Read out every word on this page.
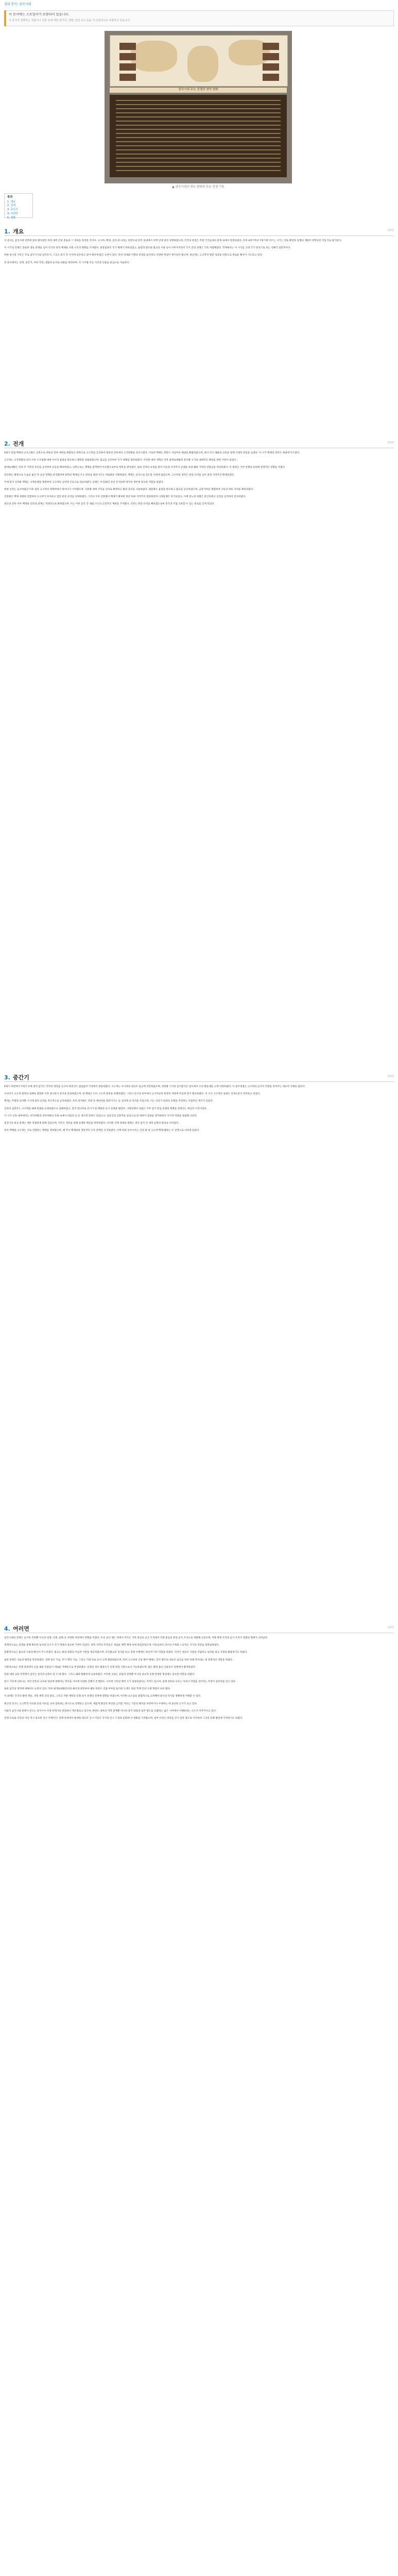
상위 문서: 삼국시대
이 문서에는 스포일러가 포함되어 있습니다.
이 문서가 설명하는 작품이나 인물 등에 대한 줄거리, 결말, 반전 요소 등을 직·간접적으로 포함하고 있습니다.
삼국시대 주요 전쟁과 영역 변화
▲ 삼국시대의 영토 변화와 주요 전쟁 기록
목차
1. 개요
2. 전개
3. 중간기
4. 여러면
5. 결말
1. 개요	[편집]

이 문서는 삼국시대 전반에 걸쳐 벌어졌던 여러 세력 간의 충돌과 그 경과를 정리한 것이다. 고구려, 백제, 신라 세 나라는 한반도와 만주 일대에서 수백 년에 걸쳐 경쟁하였으며, 각국의 흥망은 주변 국가들과의 관계 속에서 결정되었다. 특히 4세기부터 7세기에 이르는 시기는 영토 확장과 동맹의 재편이 반복되던 격동기로 평가된다.

이 시기의 전쟁은 단순한 영토 분쟁을 넘어 각국의 정치 체제와 사회 구조의 변화를 가져왔다. 중앙집권적 국가 체제가 정비되었고, 율령의 반포와 불교의 수용 등이 이루어지면서 국가 간의 경쟁은 더욱 치열해졌다. 학계에서는 이 시기를 고대 국가 완성기로 보는 견해가 일반적이다.

한편 당시의 기록은 주로 삼국사기와 삼국유사, 그리고 중국 측 사서에 의존하고 있어 해석에 많은 논란이 있다. 특히 연대와 지명의 비정을 둘러싸고 다양한 학설이 제기되어 왔으며, 최근에는 고고학적 발굴 성과를 바탕으로 새로운 해석이 시도되고 있다.

본 문서에서는 전개, 중간기, 여러 측면, 결말의 순서로 내용을 정리하며, 각 시기별 주요 사건과 인물을 중심으로 서술한다.

2. 전개	[편집]

4세기 중엽 백제의 근초고왕은 남쪽으로 마한의 잔여 세력을 병합하고 북쪽으로 고구려를 공격하여 평양성 전투에서 고국원왕을 전사시켰다. 이로써 백제는 한반도 서남부의 패권을 확립하였으며, 바다 건너 왜와의 교류를 통해 국제적 위상을 높였다. 이 시기 백제의 영역은 최대에 이르렀다.

고구려는 고국원왕의 전사 이후 소수림왕 대에 이르러 율령을 반포하고 태학을 설립하였으며, 불교를 공인하여 국가 체제를 정비하였다. 이러한 내부 개혁은 이후 광개토대왕과 장수왕 시기의 대대적인 팽창을 위한 기반이 되었다.

광개토대왕은 즉위 후 거란과 후연을 공격하여 요동을 확보하였고, 남쪽으로는 백제를 압박하여 아신왕으로부터 항복을 받아냈다. 또한 신라의 요청을 받아 낙동강 유역까지 군대를 보내 왜와 가야의 연합군을 격퇴하였다. 이 원정은 가야 연맹의 쇠퇴에 결정적인 영향을 미쳤다.

장수왕은 평양으로 도읍을 옮긴 뒤 남진 정책을 본격화하여 475년 백제의 수도 한성을 함락시키고 개로왕을 처형하였다. 백제는 웅진으로 천도할 수밖에 없었으며, 고구려의 영역은 한강 유역을 넘어 충청 지역까지 확대되었다.

이에 맞서 신라와 백제는 나제동맹을 체결하여 고구려의 남진에 공동으로 대응하였다. 동맹은 약 120년 동안 유지되며 양국의 생존에 중요한 역할을 하였다.

한편 신라는 눌지마립간 이후 점차 고구려의 영향력에서 벗어나기 시작했으며, 지증왕 대에 국호를 신라로 확정하고 왕의 칭호를 사용하였다. 법흥왕은 율령을 반포하고 불교를 공인하였으며, 금관가야를 병합하여 낙동강 하류 지역을 확보하였다.

진흥왕은 백제 성왕과 연합하여 고구려가 차지하고 있던 한강 유역을 공략하였다. 그러나 이후 진흥왕이 백제가 확보한 한강 하류 지역까지 점령하면서 나제동맹은 파기되었고, 이에 분노한 성왕은 관산성에서 신라를 공격하다 전사하였다.

관산성 전투 이후 백제와 신라의 관계는 적대적으로 변하였으며, 이는 이후 삼국 간 대립 구도의 근본적인 재편을 가져왔다. 신라는 한강 유역을 확보함으로써 중국과 직접 교류할 수 있는 통로를 얻게 되었다.

3. 중간기	[편집]

6세기 후반에서 7세기 초에 걸쳐 삼국은 각자의 영역을 공고히 하면서도 끊임없이 국경에서 충돌하였다. 고구려는 수나라의 대규모 침공에 직면하였으며, 영양왕 시기의 을지문덕은 살수에서 수의 별동대를 크게 격파하였다. 이 살수대첩은 고구려의 군사적 역량을 보여주는 대표적 사례로 꼽힌다.

수나라가 고구려 원정의 실패로 멸망한 이후 당나라가 중국을 통일하였으며, 당 태종은 다시 고구려 원정을 단행하였다. 그러나 안시성 전투에서 고구려군의 완강한 저항에 부딪혀 결국 철수하였다. 이 시기 고구려의 실권은 연개소문이 장악하고 있었다.

백제는 무왕과 의자왕 시기에 걸쳐 신라를 적극적으로 공격하였다. 특히 의자왕은 즉위 초 대야성을 함락시키는 등 신라에 큰 타격을 주었으며, 이는 신라가 당과의 동맹을 추진하는 직접적인 계기가 되었다.

신라의 김춘추는 고구려와 왜에 원병을 요청하였으나 실패하였고, 결국 당나라로 건너가 당 태종과 군사 동맹을 맺었다. 나당동맹의 성립은 이후 삼국 통일 전쟁의 향방을 결정짓는 핵심적 사건이었다.

이 시기 신라 내부에서는 선덕여왕과 진덕여왕의 치세 속에서 비담의 난 등 정치적 혼란도 있었으나, 김유신과 김춘추를 중심으로 한 세력이 실권을 장악하면서 국가적 역량을 결집해 나갔다.

중간기의 외교 관계는 매우 복잡하게 얽혀 있었으며, 각국은 생존을 위해 동맹과 배신을 반복하였다. 이러한 국제 정세의 변화는 결국 삼국 간 세력 균형의 붕괴로 이어졌다.

특히 백제와 고구려는 서로 연합하는 형태를 취하였으며, 왜 역시 백제와의 전통적인 우호 관계를 유지하였다. 이에 따라 동아시아는 신라·당 대 고구려·백제·왜라는 두 진영으로 나뉘게 되었다.

4. 여러면	[편집]

삼국시대의 전쟁은 군사적 측면뿐 아니라 경제, 사회, 문화 등 다양한 측면에서 영향을 미쳤다. 우선 군사 제도 면에서 각국은 귀족 중심의 군사 조직에서 국왕 중심의 중앙 군사 조직으로 개편해 나갔으며, 지방 행정 조직과 군사 조직이 결합된 형태가 나타났다.

경제적으로는 전쟁을 통해 획득한 토지와 인구가 국가 재정의 중요한 기반이 되었다. 정복 지역의 주민들은 새로운 행정 체계 속에 편입되었으며, 이들로부터 징수된 조세와 노동력은 국가의 성장을 뒷받침하였다.

문화적으로는 불교의 수용과 확산이 두드러졌다. 불교는 왕권 강화의 이념적 기반을 제공하였으며, 호국불교의 성격을 띠고 전쟁 수행에도 정신적 지주 역할을 하였다. 각국은 대규모 사찰을 건립하고 승려를 외교 사절로 활용하기도 하였다.

또한 전쟁은 기술의 발전을 촉진하였다. 성곽 축조 기술, 무기 제작 기술, 그리고 기병 전술 등이 크게 발달하였으며, 특히 고구려의 산성 방어 체계는 중국 왕조의 대규모 침공을 여러 차례 막아내는 데 결정적인 역할을 하였다.

사회적으로는 전쟁 과정에서 공을 세운 인물들이 새로운 지배층으로 부상하였다. 신라의 경우 화랑도가 인재 양성 기관으로서 기능하였으며, 많은 화랑 출신 인물들이 전쟁에서 활약하였다.

한편 대외 교류 측면에서 삼국은 중국의 남북조 및 수·당 왕조, 그리고 왜와 활발하게 교류하였다. 이러한 교류는 문물의 전파뿐 아니라 외교적 동맹 관계의 형성에도 중요한 역할을 하였다.

당시 기록에 나타나는 여러 전투의 규모와 양상에 대해서는 학자들 사이에 다양한 견해가 존재한다. 사서에 기록된 병력 수가 과장되었다는 지적도 있으며, 실제 전투의 규모는 이보다 작았을 것이라는 주장이 설득력을 얻고 있다.

또한 삼국의 영역에 대해서도 논란이 있다. 특히 광개토대왕릉비의 해석과 관련하여 왜의 한반도 진출 여부를 둘러싼 논쟁은 한일 학계 간의 오랜 쟁점이 되어 왔다.

이 외에도 각국의 왕위 계승, 귀족 세력 간의 갈등, 그리고 지방 세력의 동향 등이 전쟁의 전개에 영향을 미쳤으며, 이러한 요소들을 종합적으로 고려해야 당시의 역사를 정확하게 이해할 수 있다.

최근의 연구는 고고학적 자료와 문헌 자료를 교차 검토하는 방식으로 진행되고 있으며, 새롭게 발견된 목간과 금석문 자료는 기존의 해석을 보완하거나 수정하는 데 중요한 근거가 되고 있다.

아울러 삼국시대 전쟁사 연구는 동아시아 국제 관계사의 관점에서 재조명되고 있으며, 한반도 내부의 역학 관계뿐 아니라 중국 대륙과 일본 열도를 포괄하는 넓은 시야에서 이해하려는 시도가 이루어지고 있다.

전쟁 포로와 유민의 이동 역시 중요한 연구 주제이다. 전쟁 과정에서 발생한 대규모 인구 이동은 각국의 인구 구성과 문화에 큰 변화를 가져왔으며, 일부 유민은 바다를 건너 일본 열도로 이주하여 그곳의 문화 발전에 기여하기도 하였다.
